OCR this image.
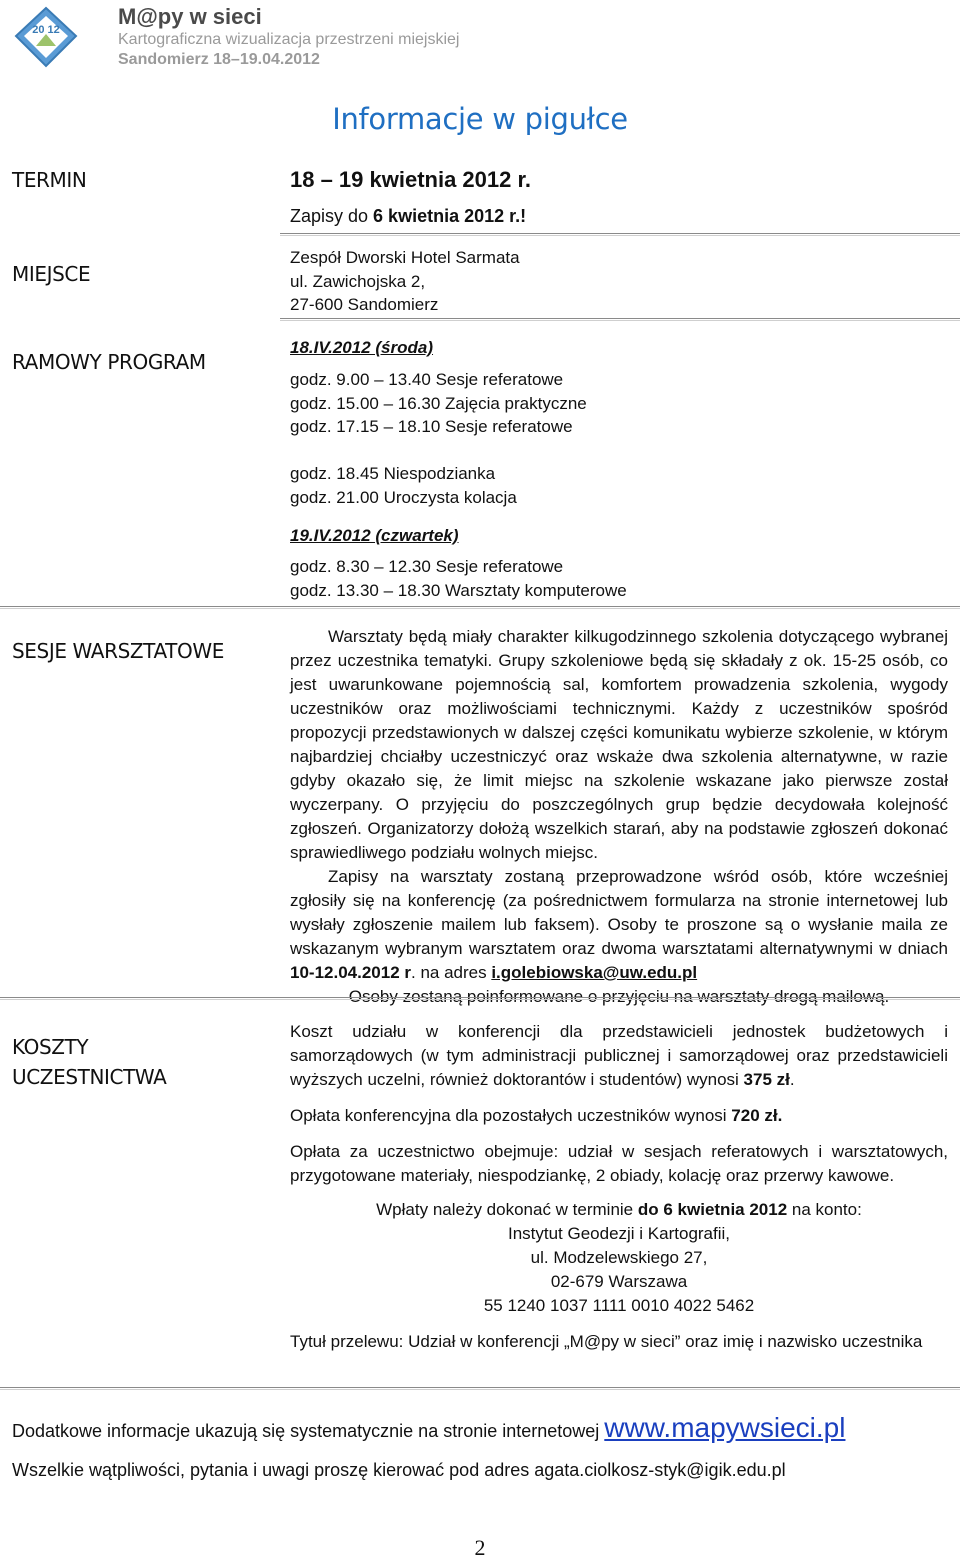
20 12
M@py w sieci
Kartograficzna wizualizacja przestrzeni miejskiej
Sandomierz 18–19.04.2012
Informacje w pigułce
TERMIN	18 – 19 kwietnia 2012 r.
Zapisy do 6 kwietnia 2012 r.!
MIEJSCE
Zespół Dworski Hotel Sarmata
ul. Zawichojska 2,
27-600 Sandomierz
RAMOWY PROGRAM
18.IV.2012 (środa)
godz. 9.00 – 13.40 Sesje referatowe
godz. 15.00 – 16.30 Zajęcia praktyczne
godz. 17.15 – 18.10 Sesje referatowe
godz. 18.45 Niespodzianka
godz. 21.00 Uroczysta kolacja
19.IV.2012 (czwartek)
godz. 8.30 – 12.30 Sesje referatowe
godz. 13.30 – 18.30 Warsztaty komputerowe
SESJE WARSZTATOWE

Warsztaty będą miały charakter kilkugodzinnego szkolenia dotyczącego wybranej przez uczestnika tematyki. Grupy szkoleniowe będą się składały z ok. 15-25 osób, co jest uwarunkowane pojemnością sal, komfortem prowadzenia szkolenia, wygody uczestników oraz możliwościami technicznymi. Każdy z uczestników spośród propozycji przedstawionych w dalszej części komunikatu wybierze szkolenie, w którym najbardziej chciałby uczestniczyć oraz wskaże dwa szkolenia alternatywne, w razie gdyby okazało się, że limit miejsc na szkolenie wskazane jako pierwsze został wyczerpany. O przyjęciu do poszczególnych grup będzie decydowała kolejność zgłoszeń. Organizatorzy dołożą wszelkich starań, aby na podstawie zgłoszeń dokonać sprawiedliwego podziału wolnych miejsc.

Zapisy na warsztaty zostaną przeprowadzone wśród osób, które wcześniej zgłosiły się na konferencję (za pośrednictwem formularza na stronie internetowej lub wysłały zgłoszenie mailem lub faksem). Osoby te proszone są o wysłanie maila ze wskazanym wybranym warsztatem oraz dwoma warsztatami alternatywnymi w dniach 10-12.04.2012 r. na adres i.golebiowska@uw.edu.pl

Osoby zostaną poinformowane o przyjęciu na warsztaty drogą mailową.

KOSZTY
UCZESTNICTWA

Koszt udziału w konferencji dla przedstawicieli jednostek budżetowych i samorządowych (w tym administracji publicznej i samorządowej oraz przedstawicieli wyższych uczelni, również doktorantów i studentów) wynosi 375 zł.

Opłata konferencyjna dla pozostałych uczestników wynosi 720 zł.

Opłata za uczestnictwo obejmuje: udział w sesjach referatowych i warsztatowych, przygotowane materiały, niespodziankę, 2 obiady, kolację oraz przerwy kawowe.

Wpłaty należy dokonać w terminie do 6 kwietnia 2012 na konto:
Instytut Geodezji i Kartografii,
ul. Modzelewskiego 27,
02-679 Warszawa
55 1240 1037 1111 0010 4022 5462
Tytuł przelewu: Udział w konferencji „M@py w sieci” oraz imię i nazwisko uczestnika
Dodatkowe informacje ukazują się systematycznie na stronie internetowej www.mapywsieci.pl
Wszelkie wątpliwości, pytania i uwagi proszę kierować pod adres agata.ciolkosz-styk@igik.edu.pl
2
